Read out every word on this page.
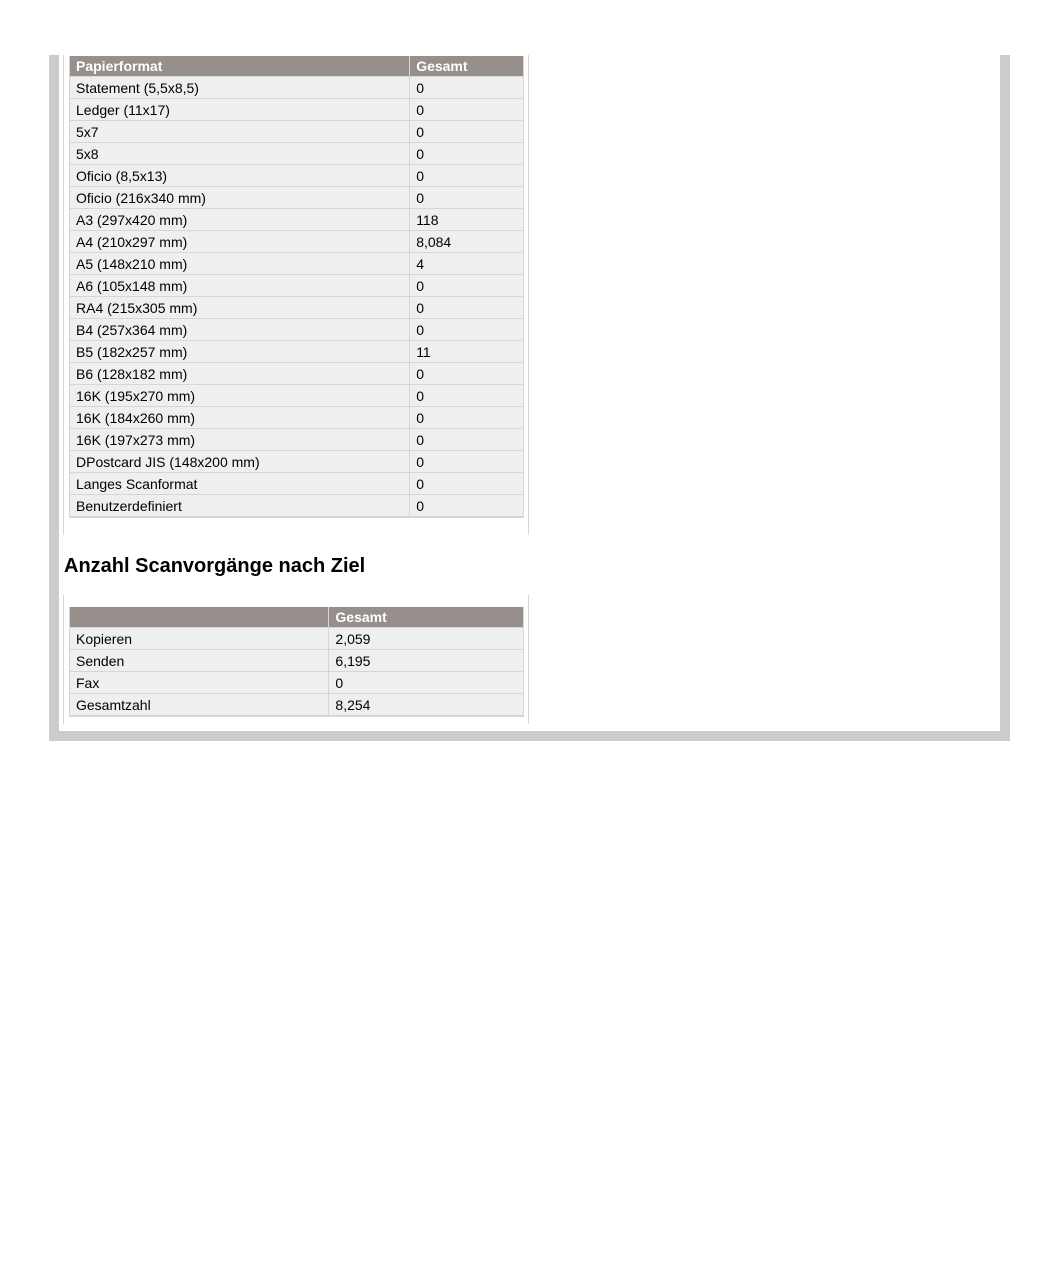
Papierformat	Gesamt
Statement (5,5x8,5)	0
Ledger (11x17)	0
5x7	0
5x8	0
Oficio (8,5x13)	0
Oficio (216x340 mm)	0
A3 (297x420 mm)	118
A4 (210x297 mm)	8,084
A5 (148x210 mm)	4
A6 (105x148 mm)	0
RA4 (215x305 mm)	0
B4 (257x364 mm)	0
B5 (182x257 mm)	11
B6 (128x182 mm)	0
16K (195x270 mm)	0
16K (184x260 mm)	0
16K (197x273 mm)	0
DPostcard JIS (148x200 mm)	0
Langes Scanformat	0
Benutzerdefiniert	0
Anzahl Scanvorgänge nach Ziel
	Gesamt
Kopieren	2,059
Senden	6,195
Fax	0
Gesamtzahl	8,254
